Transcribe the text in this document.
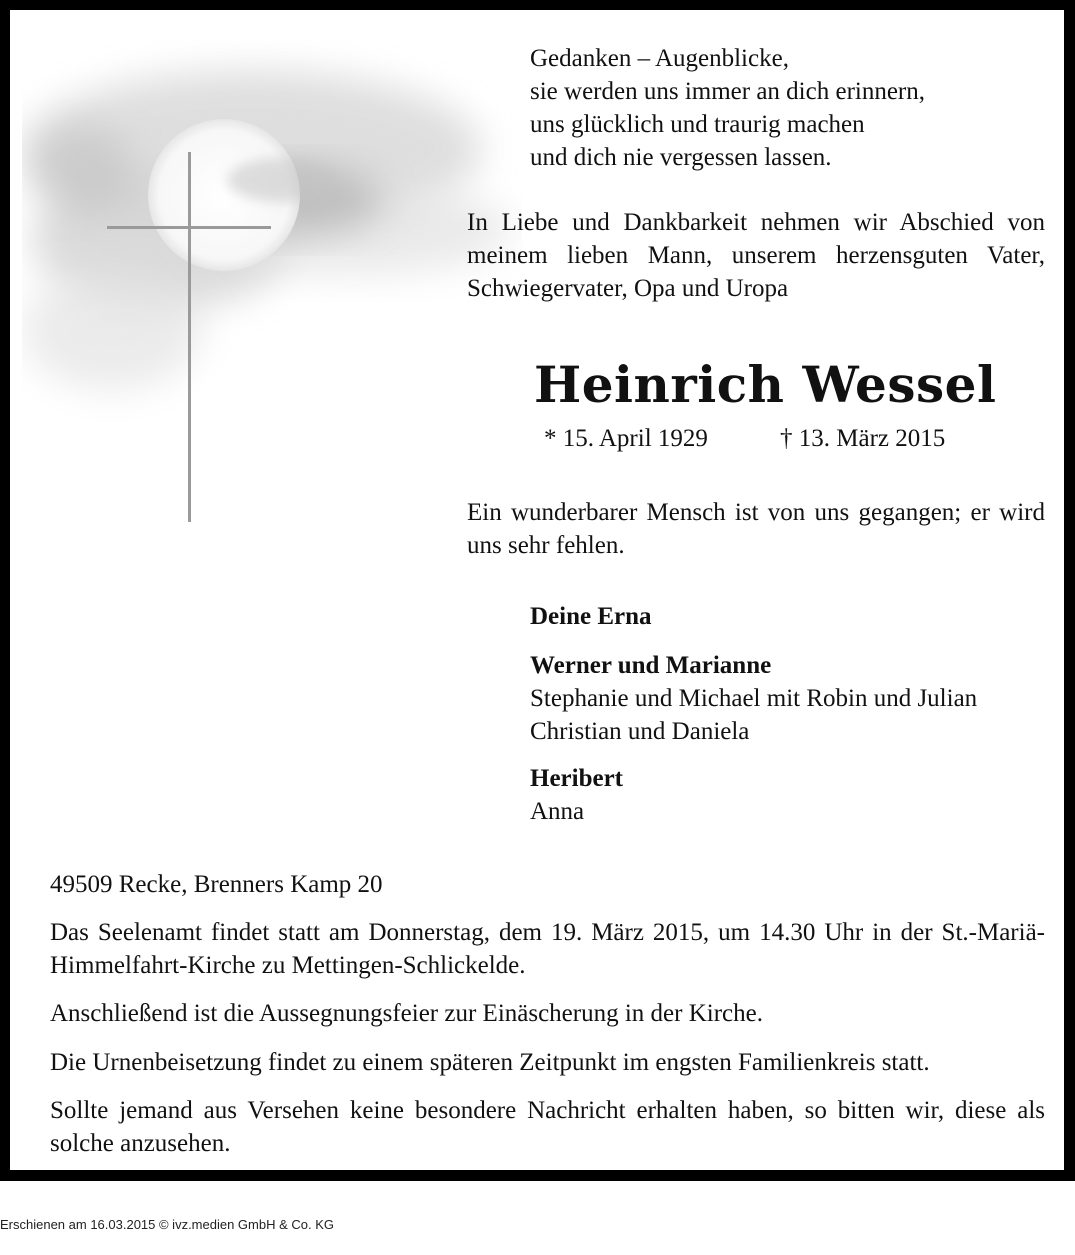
Gedanken – Augenblicke,
sie werden uns immer an dich erinnern,
uns glücklich und traurig machen
und dich nie vergessen lassen.
In Liebe und Dankbarkeit nehmen wir Abschied von meinem lieben Mann, unserem herzensguten Vater, Schwiegervater, Opa und Uropa
Heinrich Wessel
* 15. April 1929	† 13. März 2015
Ein wunderbarer Mensch ist von uns gegangen; er wird uns sehr fehlen.
Deine Erna
Werner und Marianne
Stephanie und Michael mit Robin und Julian
Christian und Daniela
Heribert
Anna
49509 Recke, Brenners Kamp 20
Das Seelenamt findet statt am Donnerstag, dem 19. März 2015, um 14.30 Uhr in der St.-Mariä-Himmelfahrt-Kirche zu Mettingen-Schlickelde.
Anschließend ist die Aussegnungsfeier zur Einäscherung in der Kirche.
Die Urnenbeisetzung findet zu einem späteren Zeitpunkt im engsten Familienkreis statt.
Sollte jemand aus Versehen keine besondere Nachricht erhalten haben, so bitten wir, diese als solche anzusehen.
Erschienen am 16.03.2015 © ivz.medien GmbH & Co. KG
